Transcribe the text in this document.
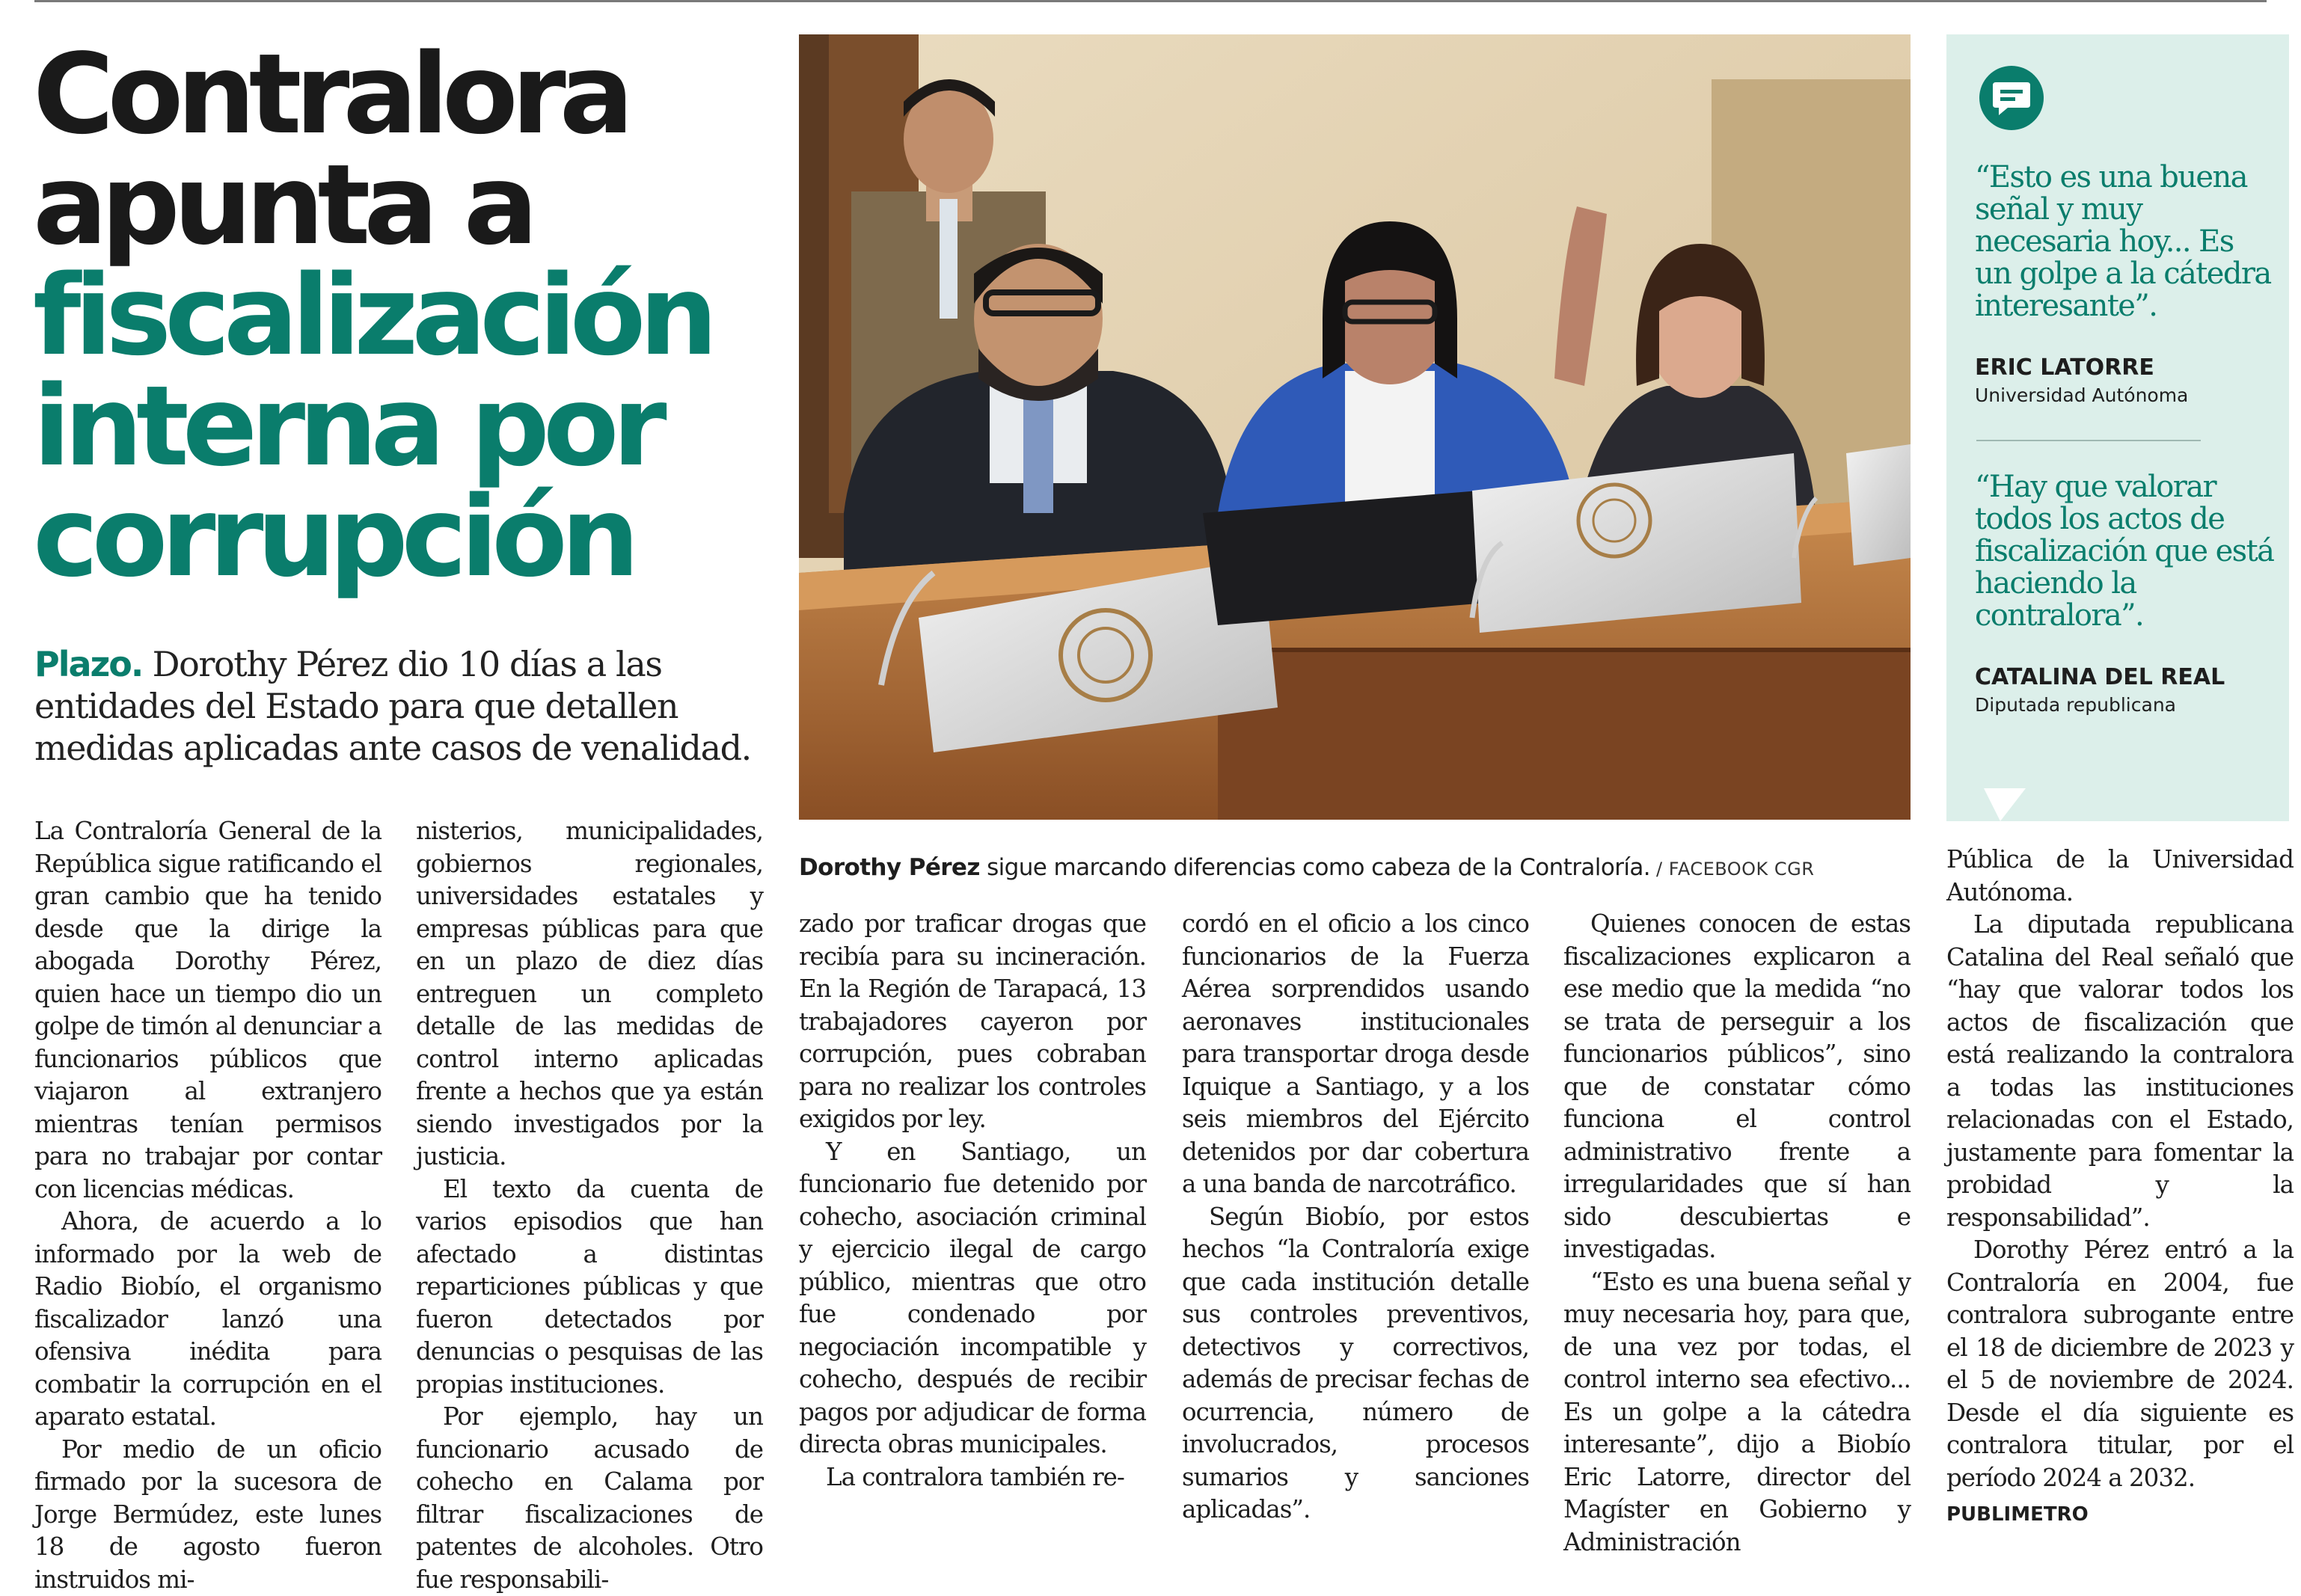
Contralora
apunta a
fiscalización
interna por
corrupción

Plazo. Dorothy Pérez dio 10 días a las entidades del Estado para que detallen medidas aplicadas ante casos de venalidad.

Dorothy Pérez sigue marcando diferencias como cabeza de la Contraloría. / FACEBOOK CGR

“Esto es una buena señal y muy necesaria hoy... Es un golpe a la cátedra interesante”.

ERIC LATORRE
Universidad Autónoma

“Hay que valorar todos los actos de fiscalización que está haciendo la contralora”.

CATALINA DEL REAL
Diputada republicana

La Contraloría General de la República sigue ratificando el gran cambio que ha tenido desde que la dirige la abogada Dorothy Pérez, quien hace un tiempo dio un golpe de timón al denunciar a funcionarios públicos que viajaron al extranjero mientras tenían permisos para no trabajar por contar con licencias médicas.

Ahora, de acuerdo a lo informado por la web de Radio Biobío, el organismo fiscalizador lanzó una ofensiva inédita para combatir la corrupción en el aparato estatal.

Por medio de un oficio firmado por la sucesora de Jorge Bermúdez, este lunes 18 de agosto fueron instruidos mi-

nisterios, municipalidades, gobiernos regionales, universidades estatales y empresas públicas para que en un plazo de diez días entreguen un completo detalle de las medidas de control interno aplicadas frente a hechos que ya están siendo investigados por la justicia.

El texto da cuenta de varios episodios que han afectado a distintas reparticiones públicas y que fueron detectados por denuncias o pesquisas de las propias instituciones.

Por ejemplo, hay un funcionario acusado de cohecho en Calama por filtrar fiscalizaciones de patentes de alcoholes. Otro fue responsabili-

zado por traficar drogas que recibía para su incineración. En la Región de Tarapacá, 13 trabajadores cayeron por corrupción, pues cobraban para no realizar los controles exigidos por ley.

Y en Santiago, un funcionario fue detenido por cohecho, asociación criminal y ejercicio ilegal de cargo público, mientras que otro fue condenado por negociación incompatible y cohecho, después de recibir pagos por adjudicar de forma directa obras municipales.

La contralora también re-

cordó en el oficio a los cinco funcionarios de la Fuerza Aérea sorprendidos usando aeronaves institucionales para transportar droga desde Iquique a Santiago, y a los seis miembros del Ejército detenidos por dar cobertura a una banda de narcotráfico.

Según Biobío, por estos hechos “la Contraloría exige que cada institución detalle sus controles preventivos, detectivos y correctivos, además de precisar fechas de ocurrencia, número de involucrados, procesos sumarios y sanciones aplicadas”.

Quienes conocen de estas fiscalizaciones explicaron a ese medio que la medida “no se trata de perseguir a los funcionarios públicos”, sino que de constatar cómo funciona el control administrativo frente a irregularidades que sí han sido descubiertas e investigadas.

“Esto es una buena señal y muy necesaria hoy, para que, de una vez por todas, el control interno sea efectivo... Es un golpe a la cátedra interesante”, dijo a Biobío Eric Latorre, director del Magíster en Gobierno y Administración

Pública de la Universidad Autónoma.

La diputada republicana Catalina del Real señaló que “hay que valorar todos los actos de fiscalización que está realizando la contralora a todas las instituciones relacionadas con el Estado, justamente para fomentar la probidad y la responsabilidad”.

Dorothy Pérez entró a la Contraloría en 2004, fue contralora subrogante entre el 18 de diciembre de 2023 y el 5 de noviembre de 2024. Desde el día siguiente es contralora titular, por el período 2024 a 2032.

PUBLIMETRO
